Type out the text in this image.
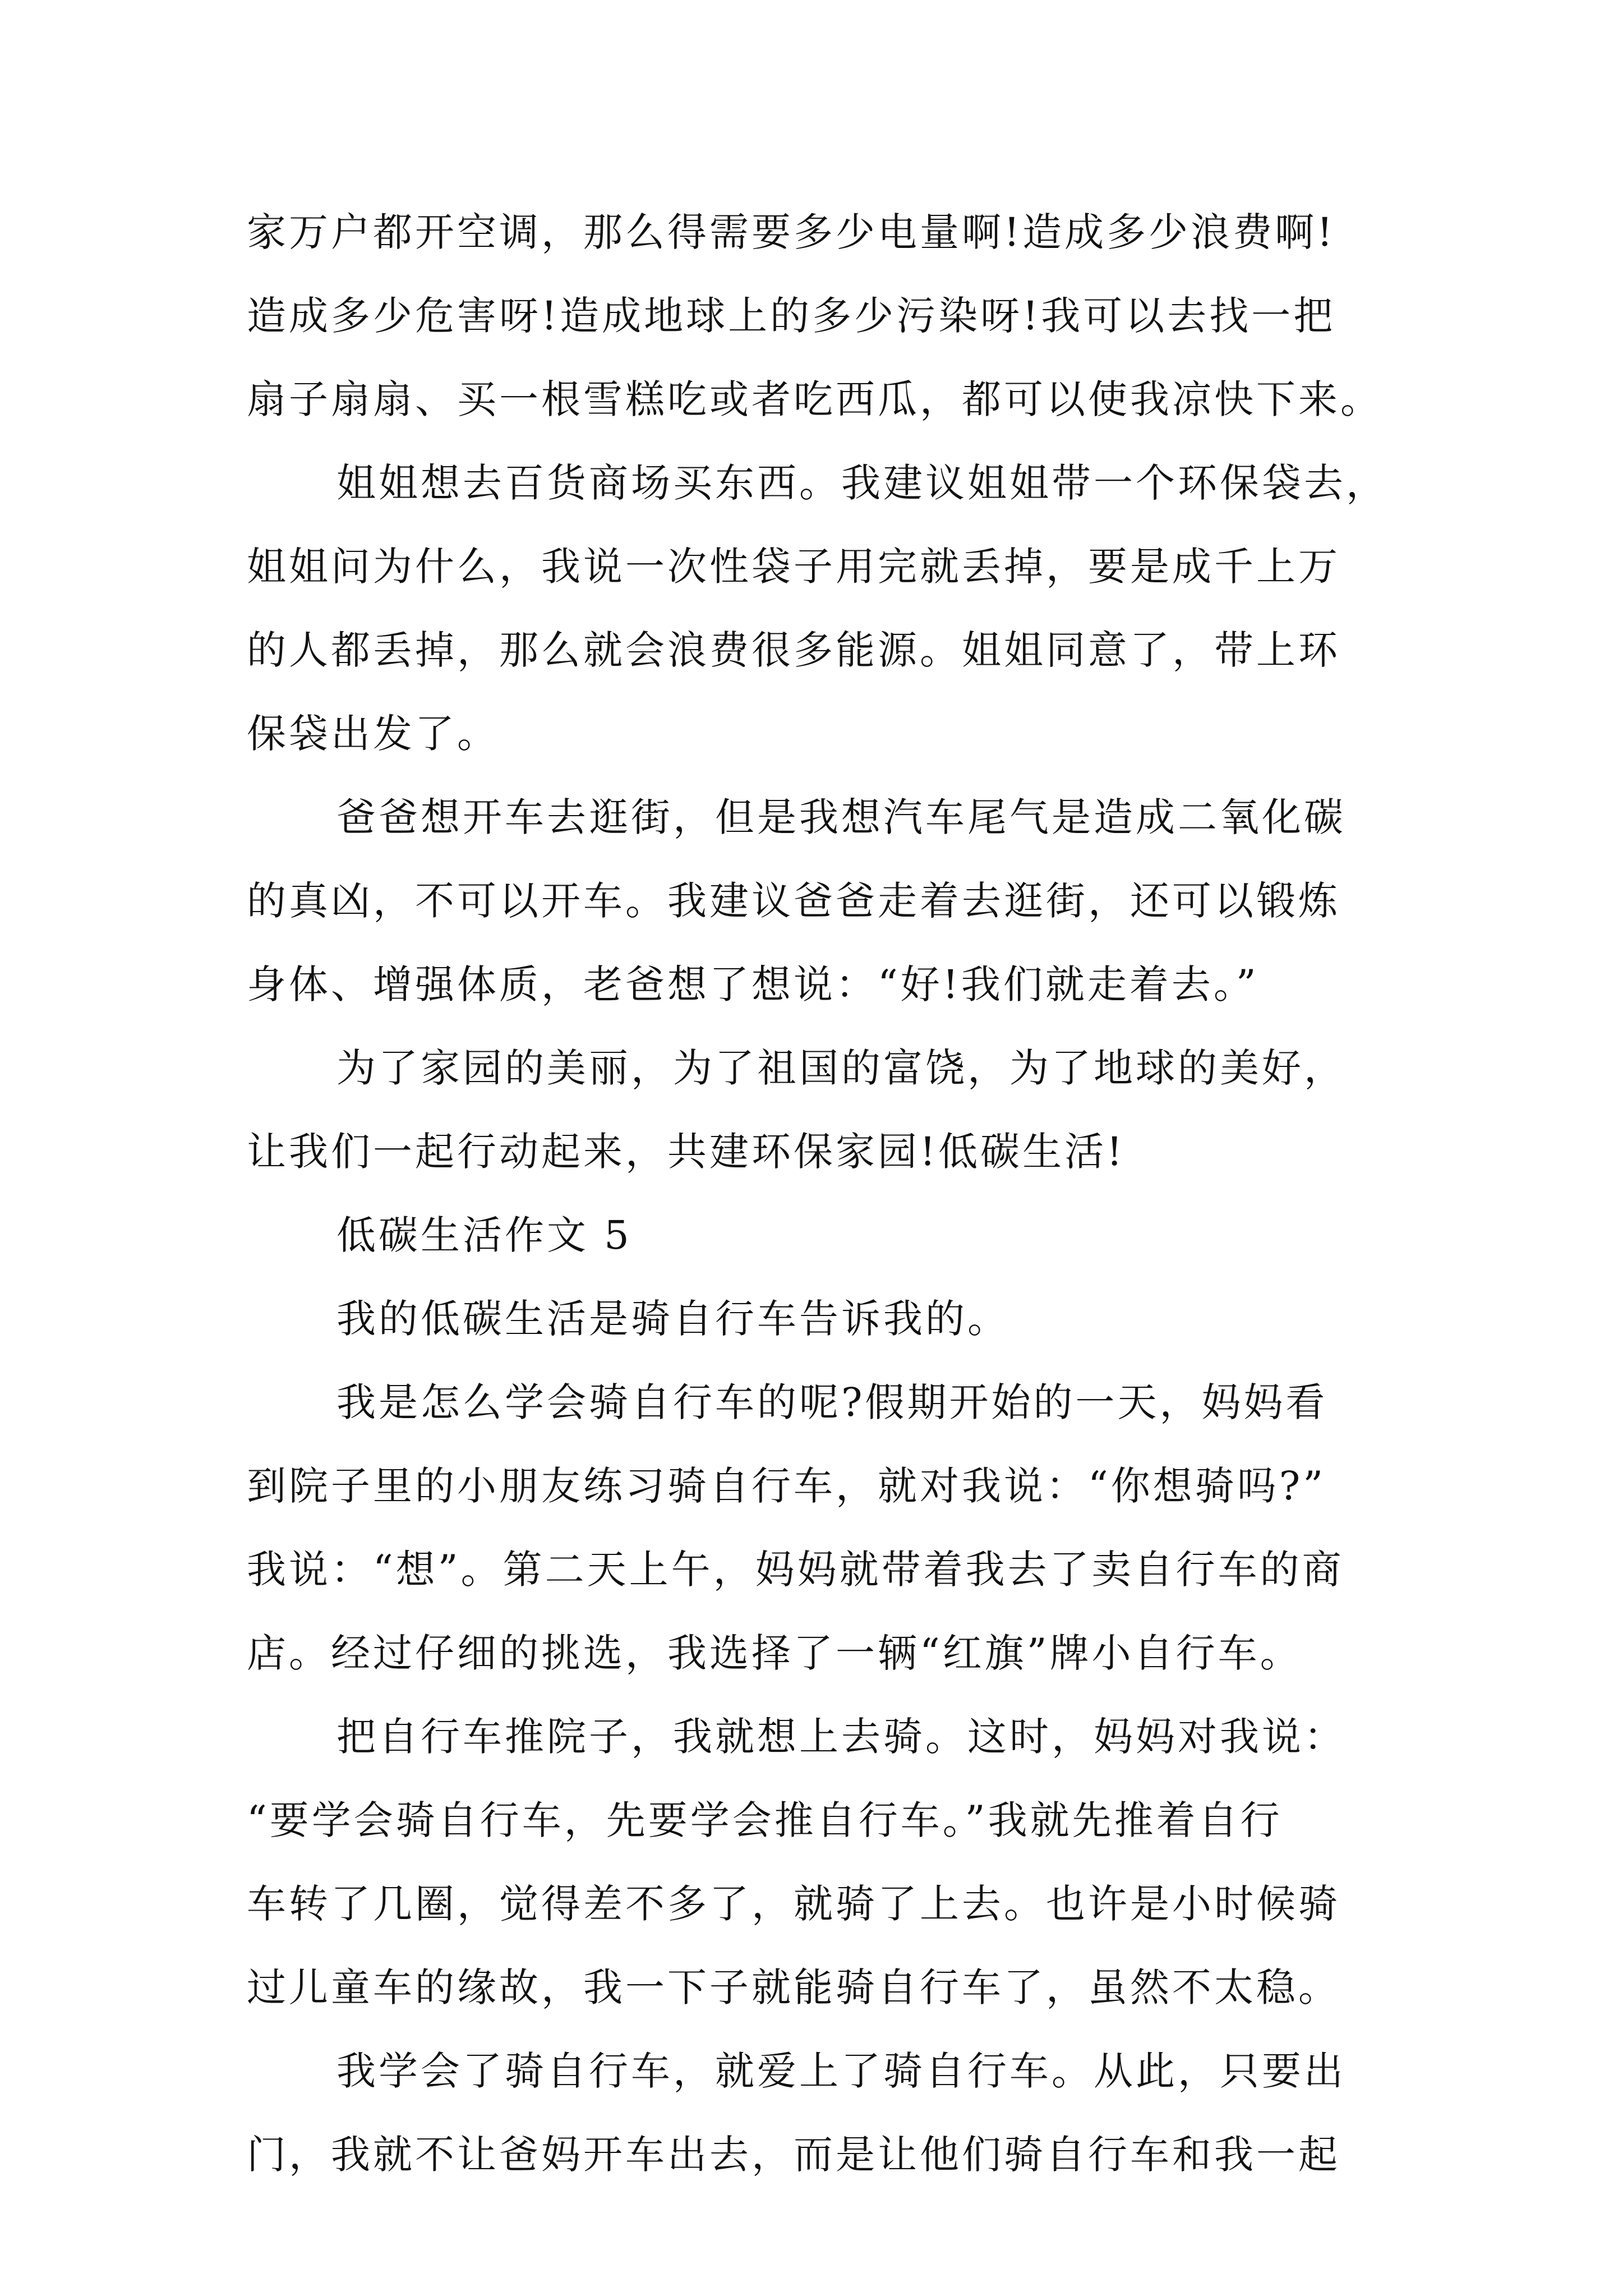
家万户都开空调，那么得需要多少电量啊!造成多少浪费啊!
造成多少危害呀!造成地球上的多少污染呀!我可以去找一把
扇子扇扇、买一根雪糕吃或者吃西瓜，都可以使我凉快下来。
姐姐想去百货商场买东西。我建议姐姐带一个环保袋去，
姐姐问为什么，我说一次性袋子用完就丢掉，要是成千上万
的人都丢掉，那么就会浪费很多能源。姐姐同意了，带上环
保袋出发了。
爸爸想开车去逛街，但是我想汽车尾气是造成二氧化碳
的真凶，不可以开车。我建议爸爸走着去逛街，还可以锻炼
身体、增强体质，老爸想了想说：“好!我们就走着去。”
为了家园的美丽，为了祖国的富饶，为了地球的美好，
让我们一起行动起来，共建环保家园!低碳生活!
低碳生活作文 5
我的低碳生活是骑自行车告诉我的。
我是怎么学会骑自行车的呢?假期开始的一天，妈妈看
到院子里的小朋友练习骑自行车，就对我说：“你想骑吗?”
我说：“想”。第二天上午，妈妈就带着我去了卖自行车的商
店。经过仔细的挑选，我选择了一辆“红旗”牌小自行车。
把自行车推院子，我就想上去骑。这时，妈妈对我说：
“要学会骑自行车，先要学会推自行车。”我就先推着自行
车转了几圈，觉得差不多了，就骑了上去。也许是小时候骑
过儿童车的缘故，我一下子就能骑自行车了，虽然不太稳。
我学会了骑自行车，就爱上了骑自行车。从此，只要出
门，我就不让爸妈开车出去，而是让他们骑自行车和我一起
